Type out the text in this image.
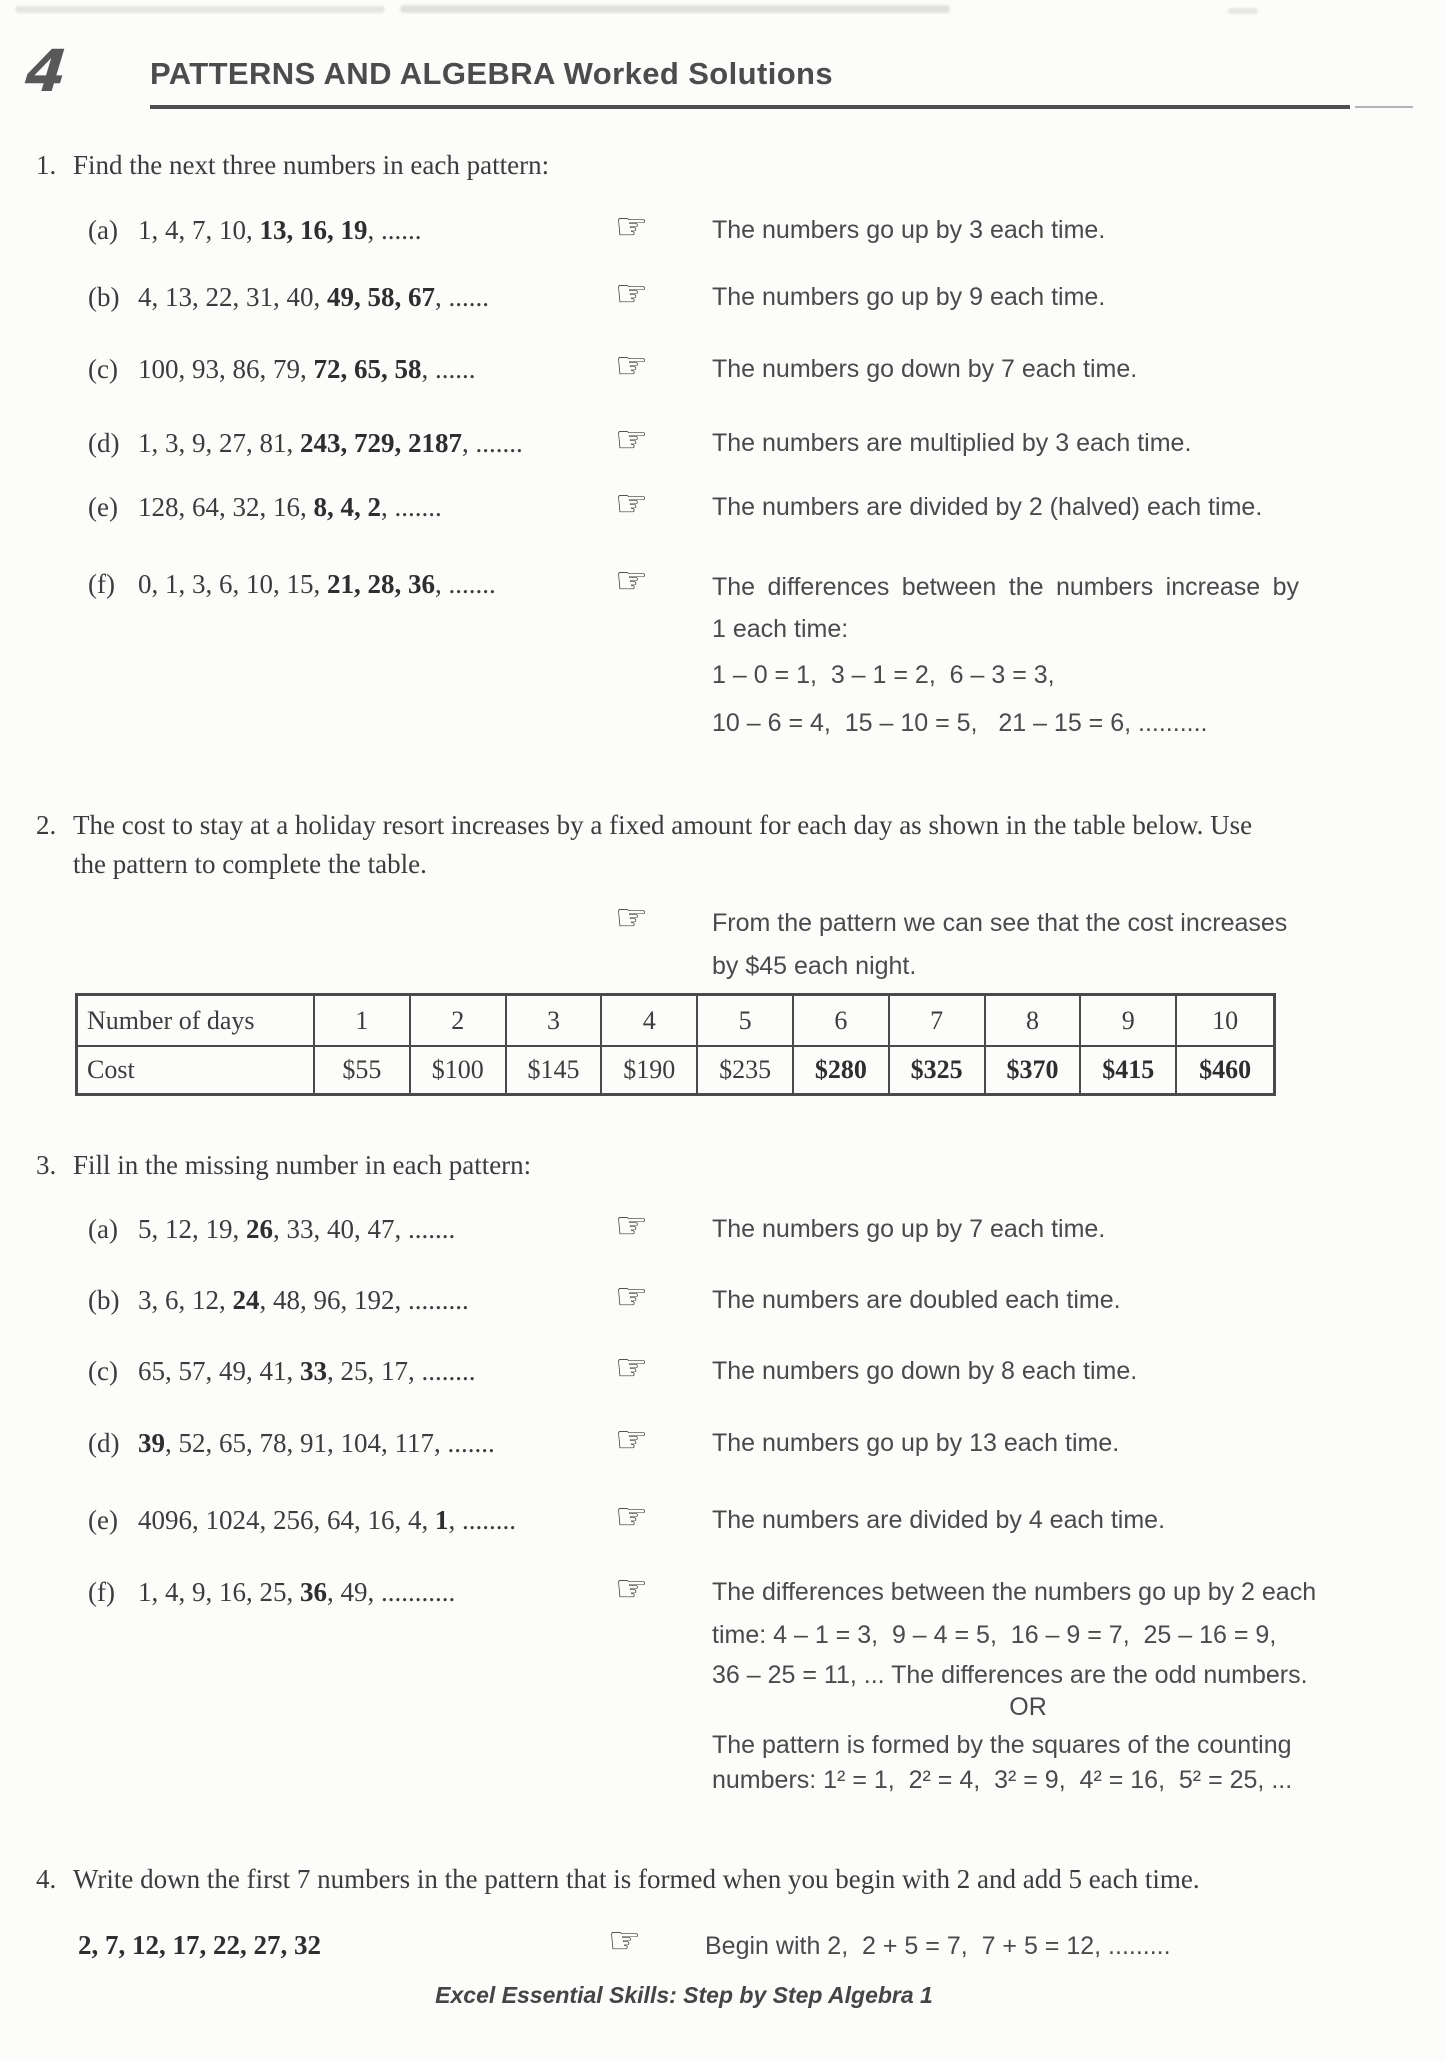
4	PATTERNS AND ALGEBRA Worked Solutions
1. Find the next three numbers in each pattern:
2. The cost to stay at a holiday resort increases by a fixed amount for each day as shown in the table below. Use
the pattern to complete the table.
☞	From the pattern we can see that the cost increases
by $45 each night.
Number of days	1	2	3	4	5	6	7	8	9	10
Cost	$55	$100	$145	$190	$235	$280	$325	$370	$415	$460
3. Fill in the missing number in each pattern:
4. Write down the first 7 numbers in the pattern that is formed when you begin with 2 and add 5 each time.
2, 7, 12, 17, 22, 27, 32	☞	Begin with 2,  2 + 5 = 7,  7 + 5 = 12, .........
Excel Essential Skills: Step by Step Algebra 1
(a) 1, 4, 7, 10, 13, 16, 19, ......	☞	The numbers go up by 3 each time.
(b) 4, 13, 22, 31, 40, 49, 58, 67, ......	☞	The numbers go up by 9 each time.
(c) 100, 93, 86, 79, 72, 65, 58, ......	☞	The numbers go down by 7 each time.
(d) 1, 3, 9, 27, 81, 243, 729, 2187, ....... ☞	The numbers are multiplied by 3 each time.
(e) 128, 64, 32, 16, 8, 4, 2, .......	☞	The numbers are divided by 2 (halved) each time.
(f) 0, 1, 3, 6, 10, 15, 21, 28, 36, .......	☞	The differences between the numbers increase by
1 each time:
1 – 0 = 1,  3 – 1 = 2,  6 – 3 = 3,
10 – 6 = 4,  15 – 10 = 5,   21 – 15 = 6, ..........
(a) 5, 12, 19, 26, 33, 40, 47, .......	☞	The numbers go up by 7 each time.
(b) 3, 6, 12, 24, 48, 96, 192, .........	☞	The numbers are doubled each time.
(c) 65, 57, 49, 41, 33, 25, 17, ........	☞	The numbers go down by 8 each time.
(d) 39, 52, 65, 78, 91, 104, 117, .......	☞	The numbers go up by 13 each time.
(e) 4096, 1024, 256, 64, 16, 4, 1, ........	☞	The numbers are divided by 4 each time.
(f) 1, 4, 9, 16, 25, 36, 49, ...........	☞	The differences between the numbers go up by 2 each
time: 4 – 1 = 3,  9 – 4 = 5,  16 – 9 = 7,  25 – 16 = 9,
36 – 25 = 11, ... The differences are the odd numbers.
OR
The pattern is formed by the squares of the counting
numbers: 1² = 1,  2² = 4,  3² = 9,  4² = 16,  5² = 25, ...
